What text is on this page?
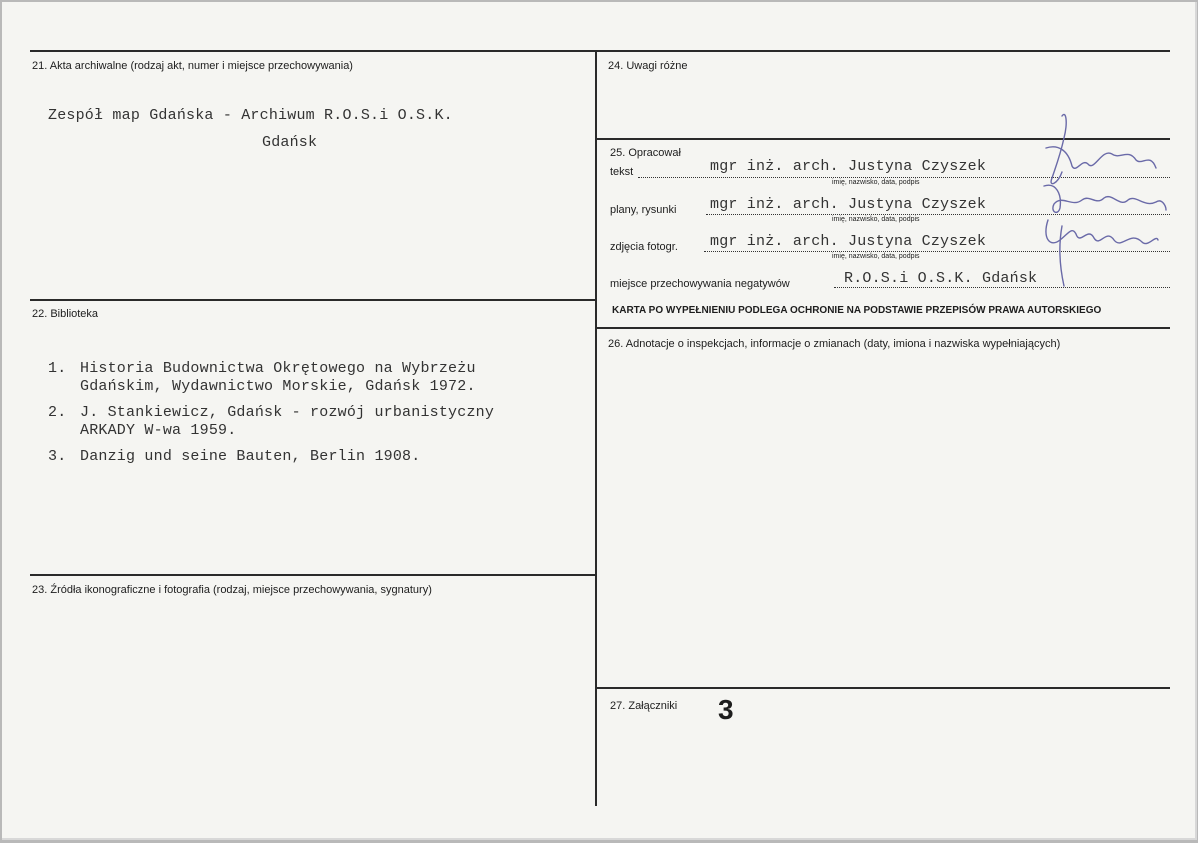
21. Akta archiwalne (rodzaj akt, numer i miejsce przechowywania)
Zespół map Gdańska - Archiwum R.O.S.i O.S.K.
Gdańsk
22. Biblioteka
1. Historia Budownictwa Okrętowego na Wybrzeżu
Gdańskim, Wydawnictwo Morskie, Gdańsk 1972.
2. J. Stankiewicz, Gdańsk - rozwój urbanistyczny
ARKADY W-wa 1959.
3. Danzig und seine Bauten, Berlin 1908.
23. Źródła ikonograficzne i fotografia (rodzaj, miejsce przechowywania, sygnatury)
24. Uwagi różne
25. Opracował
tekst	mgr inż. arch. Justyna Czyszek
imię, nazwisko, data, podpis
plany, rysunki mgr inż. arch. Justyna Czyszek
imię, nazwisko, data, podpis
zdjęcia fotogr. mgr inż. arch. Justyna Czyszek
imię, nazwisko, data, podpis
miejsce przechowywania negatywów	R.O.S.i O.S.K. Gdańsk
KARTA PO WYPEŁNIENIU PODLEGA OCHRONIE NA PODSTAWIE PRZEPISÓW PRAWA AUTORSKIEGO
26. Adnotacje o inspekcjach, informacje o zmianach (daty, imiona i nazwiska wypełniających)
27. Załączniki 3
